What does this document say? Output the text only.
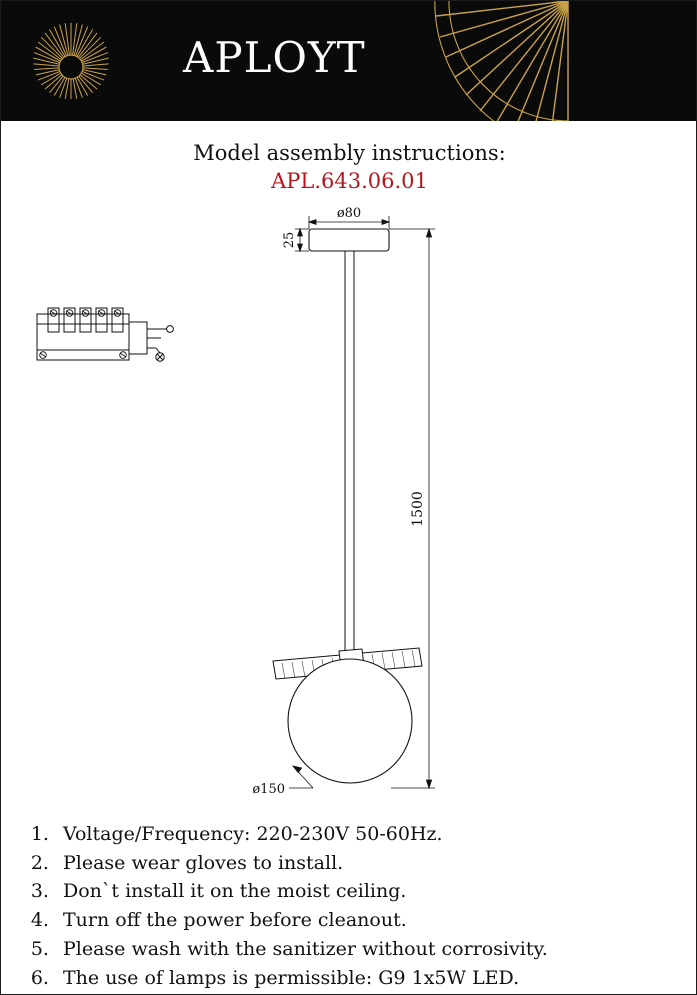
APLOYT
Model assembly instructions:
APL.643.06.01
ø80
25
ø150
1500
1. Voltage/Frequency: 220-230V 50-60Hz.
2. Please wear gloves to install.
3. Don`t install it on the moist ceiling.
4. Turn off the power before cleanout.
5. Please wash with the sanitizer without corrosivity.
6. The use of lamps is permissible: G9 1x5W LED.
